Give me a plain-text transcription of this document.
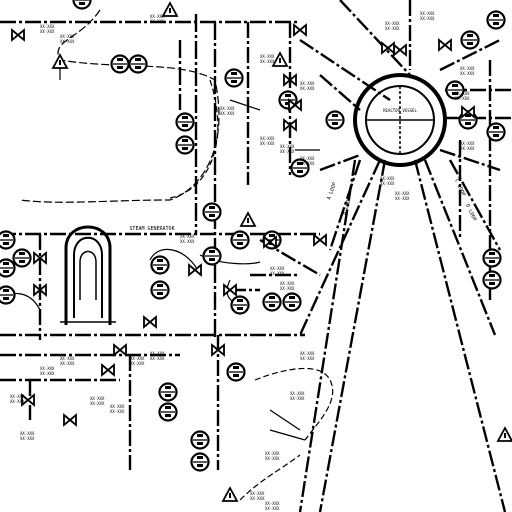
REACTOR VESSEL
STEAM GENERATOR
A LOOP
B LOOP
C LOOP
D LOOP
XX-XXX
XX-XXX
XX-XXX
XX-XXX
XX-XXX
XX-XXX
XX-XXX
XX-XXX
XX-XXX
XX-XXX
XX-XXX
XX-XXX
XX-XXX
XX-XXX
XX-XXX
XX-XXX
XX-XXX
XX-XXX
XX-XXX
XX-XXX
XX-XXX
XX-XXX
XX-XXX
XX-XXX
XX-XXX
XX-XXX
XX-XXX
XX-XXX
XX-XXX
XX-XXX
XX-XXX
XX-XXX
XX-XXX
XX-XXX
XX-XXX
XX-XXX
XX-XXX
XX-XXX
XX-XXX
XX-XXX
XX-XXX
XX-XXX
XX-XXX
XX-XXX
XX-XXX
XX-XXX
XX-XXX
XX-XXX
XX-XXX
XX-XXX
XX-XXX
XX-XXX
XX-XXX
XX-XXX
XX-XXX
XX-XXX
XX-XXX
XX-XXX
XX-XXX
XX-XXX
XX-XXX
XX-XXX
XX-XXX
XX-XXX
